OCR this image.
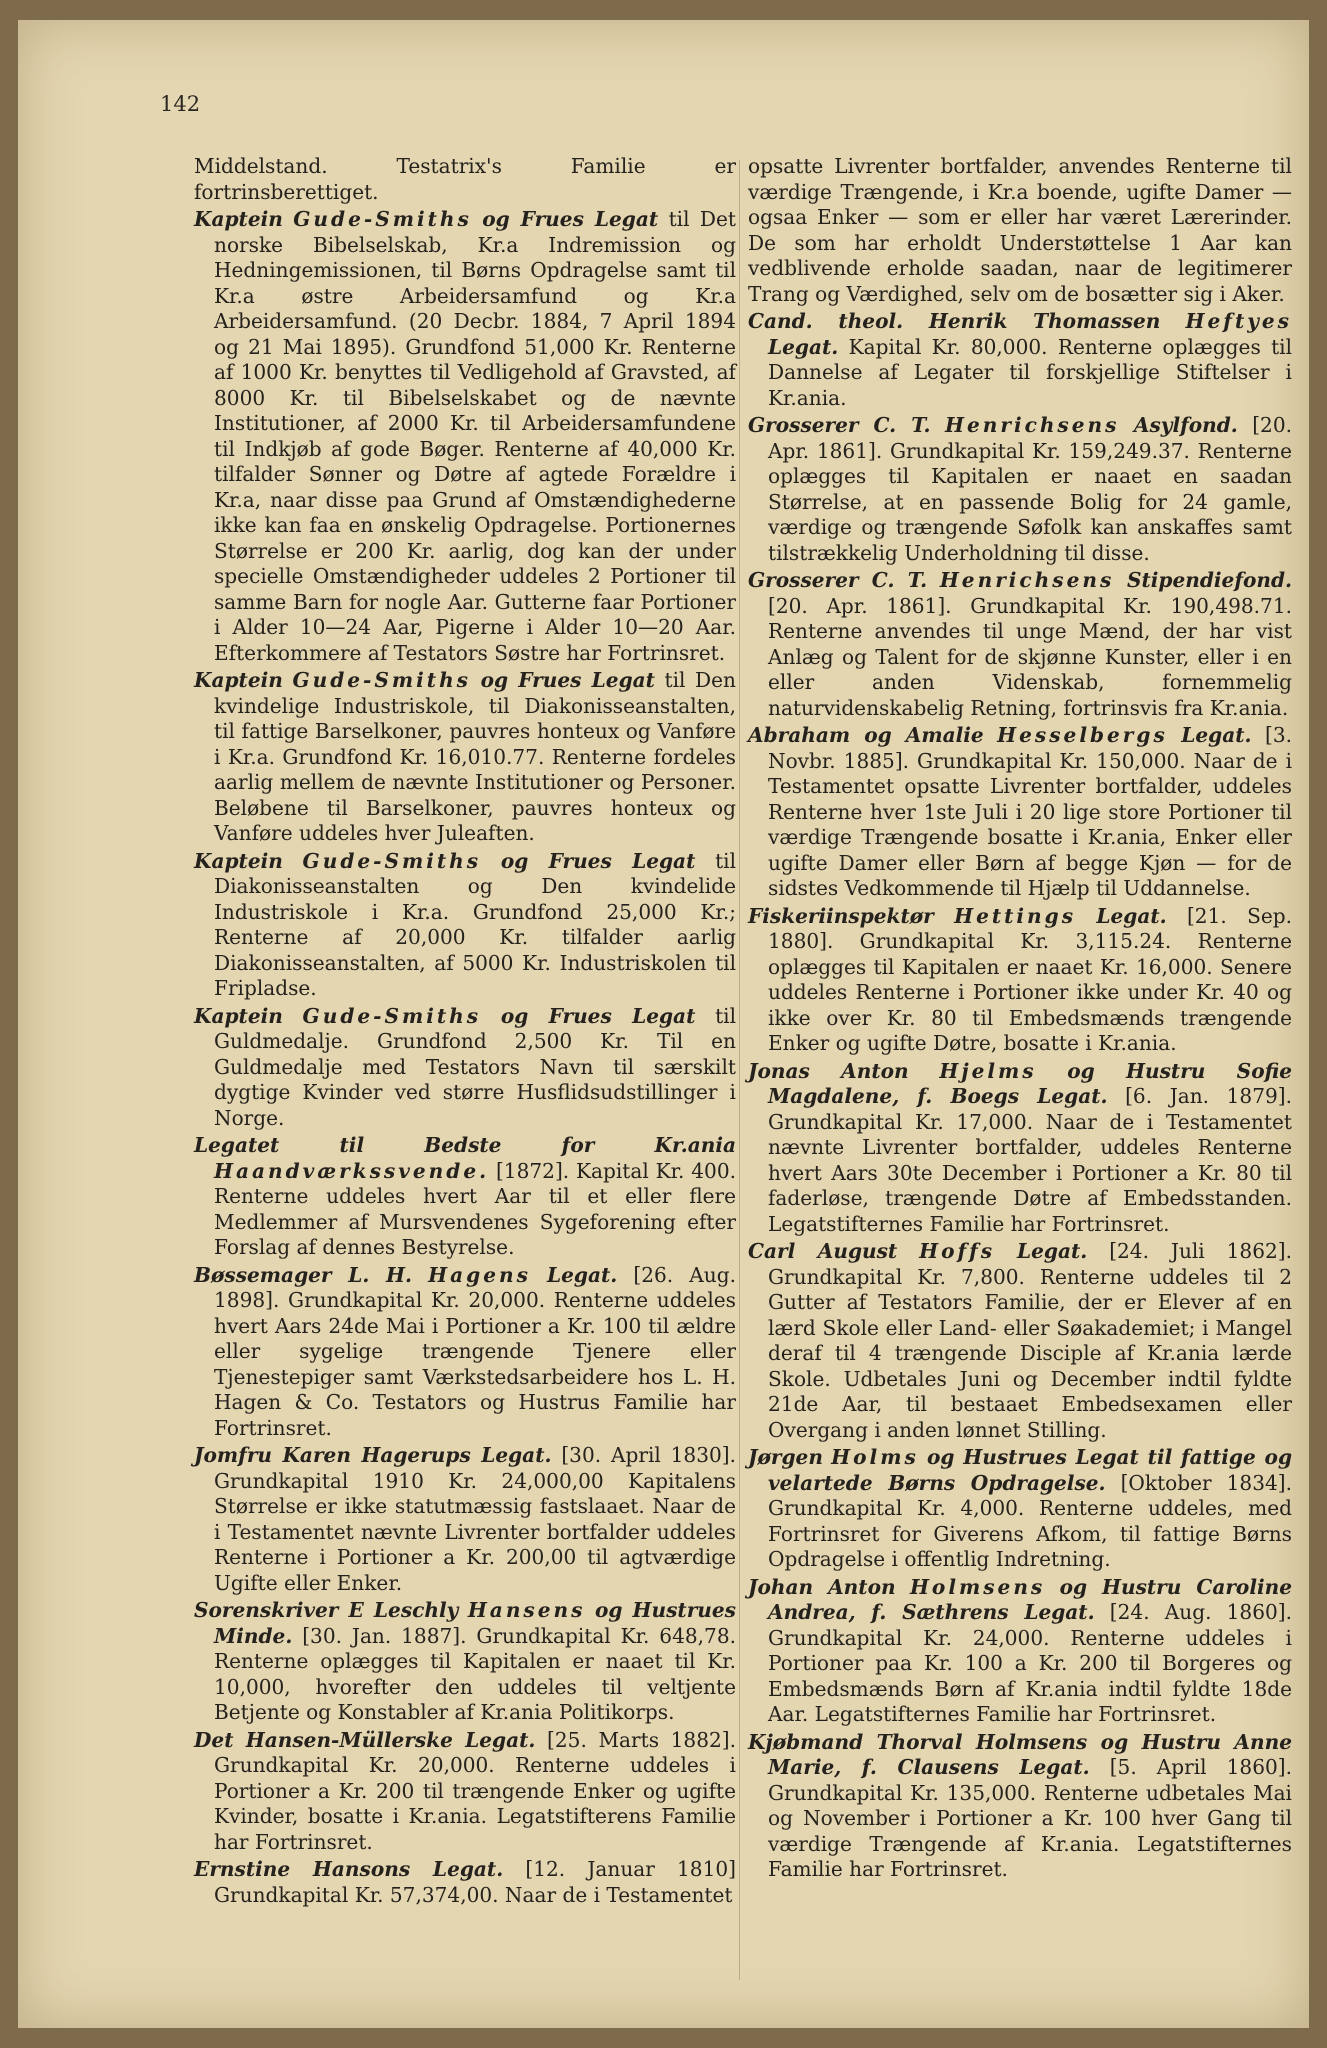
142

Middelstand. Testatrix's Familie er fortrinsberettiget.

Kaptein Gude-Smiths og Frues Legat til Det norske Bibelselskab, Kr.a Indremission og Hedningemissionen, til Børns Opdragelse samt til Kr.a østre Arbeidersamfund og Kr.a Arbeidersamfund. (20 Decbr. 1884, 7 April 1894 og 21 Mai 1895). Grundfond 51,000 Kr. Renterne af 1000 Kr. benyttes til Vedligehold af Gravsted, af 8000 Kr. til Bibelselskabet og de nævnte Institutioner, af 2000 Kr. til Arbeidersamfundene til Indkjøb af gode Bøger. Renterne af 40,000 Kr. tilfalder Sønner og Døtre af agtede Forældre i Kr.a, naar disse paa Grund af Omstændighederne ikke kan faa en ønskelig Opdragelse. Portionernes Størrelse er 200 Kr. aarlig, dog kan der under specielle Omstændigheder uddeles 2 Portioner til samme Barn for nogle Aar. Gutterne faar Portioner i Alder 10—24 Aar, Pigerne i Alder 10—20 Aar. Efterkommere af Testators Søstre har Fortrinsret.

Kaptein Gude-Smiths og Frues Legat til Den kvindelige Industriskole, til Diakonisseanstalten, til fattige Barselkoner, pauvres honteux og Vanføre i Kr.a. Grundfond Kr. 16,010.77. Renterne fordeles aarlig mellem de nævnte Institutioner og Personer. Beløbene til Barselkoner, pauvres honteux og Vanføre uddeles hver Juleaften.

Kaptein Gude-Smiths og Frues Legat til Diakonisseanstalten og Den kvindelide Industriskole i Kr.a. Grundfond 25,000 Kr.; Renterne af 20,000 Kr. tilfalder aarlig Diakonisseanstalten, af 5000 Kr. Industriskolen til Fripladse.

Kaptein Gude-Smiths og Frues Legat til Guldmedalje. Grundfond 2,500 Kr. Til en Guldmedalje med Testators Navn til særskilt dygtige Kvinder ved større Husflidsudstillinger i Norge.

Legatet til Bedste for Kr.ania Haandværkssvende. [1872]. Kapital Kr. 400. Renterne uddeles hvert Aar til et eller flere Medlemmer af Mursvendenes Sygeforening efter Forslag af dennes Bestyrelse.

Bøssemager L. H. Hagens Legat. [26. Aug. 1898]. Grundkapital Kr. 20,000. Renterne uddeles hvert Aars 24de Mai i Portioner a Kr. 100 til ældre eller sygelige trængende Tjenere eller Tjenestepiger samt Værkstedsarbeidere hos L. H. Hagen & Co. Testators og Hustrus Familie har Fortrinsret.

Jomfru Karen Hagerups Legat. [30. April 1830]. Grundkapital 1910 Kr. 24,000,00 Kapitalens Størrelse er ikke statutmæssig fastslaaet. Naar de i Testamentet nævnte Livrenter bortfalder uddeles Renterne i Portioner a Kr. 200,00 til agtværdige Ugifte eller Enker.

Sorenskriver E Leschly Hansens og Hustrues Minde. [30. Jan. 1887]. Grundkapital Kr. 648,78. Renterne oplægges til Kapitalen er naaet til Kr. 10,000, hvorefter den uddeles til veltjente Betjente og Konstabler af Kr.ania Politikorps.

Det Hansen-Müllerske Legat. [25. Marts 1882]. Grundkapital Kr. 20,000. Renterne uddeles i Portioner a Kr. 200 til trængende Enker og ugifte Kvinder, bosatte i Kr.ania. Legatstifterens Familie har Fortrinsret.

Ernstine Hansons Legat. [12. Januar 1810] Grundkapital Kr. 57,374,00. Naar de i Testamentet

opsatte Livrenter bortfalder, anvendes Renterne til værdige Trængende, i Kr.a boende, ugifte Damer — ogsaa Enker — som er eller har været Lærerinder. De som har erholdt Understøttelse 1 Aar kan vedblivende erholde saadan, naar de legitimerer Trang og Værdighed, selv om de bosætter sig i Aker.

Cand. theol. Henrik Thomassen Heftyes Legat. Kapital Kr. 80,000. Renterne oplægges til Dannelse af Legater til forskjellige Stiftelser i Kr.ania.

Grosserer C. T. Henrichsens Asylfond. [20. Apr. 1861]. Grundkapital Kr. 159,249.37. Renterne oplægges til Kapitalen er naaet en saadan Størrelse, at en passende Bolig for 24 gamle, værdige og trængende Søfolk kan anskaffes samt tilstrækkelig Underholdning til disse.

Grosserer C. T. Henrichsens Stipendiefond. [20. Apr. 1861]. Grundkapital Kr. 190,498.71. Renterne anvendes til unge Mænd, der har vist Anlæg og Talent for de skjønne Kunster, eller i en eller anden Videnskab, fornemmelig naturvidenskabelig Retning, fortrinsvis fra Kr.ania.

Abraham og Amalie Hesselbergs Legat. [3. Novbr. 1885]. Grundkapital Kr. 150,000. Naar de i Testamentet opsatte Livrenter bortfalder, uddeles Renterne hver 1ste Juli i 20 lige store Portioner til værdige Trængende bosatte i Kr.ania, Enker eller ugifte Damer eller Børn af begge Kjøn — for de sidstes Vedkommende til Hjælp til Uddannelse.

Fiskeriinspektør Hettings Legat. [21. Sep. 1880]. Grundkapital Kr. 3,115.24. Renterne oplægges til Kapitalen er naaet Kr. 16,000. Senere uddeles Renterne i Portioner ikke under Kr. 40 og ikke over Kr. 80 til Embedsmænds trængende Enker og ugifte Døtre, bosatte i Kr.ania.

Jonas Anton Hjelms og Hustru Sofie Magdalene, f. Boegs Legat. [6. Jan. 1879]. Grundkapital Kr. 17,000. Naar de i Testamentet nævnte Livrenter bortfalder, uddeles Renterne hvert Aars 30te December i Portioner a Kr. 80 til faderløse, trængende Døtre af Embedsstanden. Legatstifternes Familie har Fortrinsret.

Carl August Hoffs Legat. [24. Juli 1862]. Grundkapital Kr. 7,800. Renterne uddeles til 2 Gutter af Testators Familie, der er Elever af en lærd Skole eller Land- eller Søakademiet; i Mangel deraf til 4 trængende Disciple af Kr.ania lærde Skole. Udbetales Juni og December indtil fyldte 21de Aar, til bestaaet Embedsexamen eller Overgang i anden lønnet Stilling.

Jørgen Holms og Hustrues Legat til fattige og velartede Børns Opdragelse. [Oktober 1834]. Grundkapital Kr. 4,000. Renterne uddeles, med Fortrinsret for Giverens Afkom, til fattige Børns Opdragelse i offentlig Indretning.

Johan Anton Holmsens og Hustru Caroline Andrea, f. Sæthrens Legat. [24. Aug. 1860]. Grundkapital Kr. 24,000. Renterne uddeles i Portioner paa Kr. 100 a Kr. 200 til Borgeres og Embedsmænds Børn af Kr.ania indtil fyldte 18de Aar. Legatstifternes Familie har Fortrinsret.

Kjøbmand Thorval Holmsens og Hustru Anne Marie, f. Clausens Legat. [5. April 1860]. Grundkapital Kr. 135,000. Renterne udbetales Mai og November i Portioner a Kr. 100 hver Gang til værdige Trængende af Kr.ania. Legatstifternes Familie har Fortrinsret.
